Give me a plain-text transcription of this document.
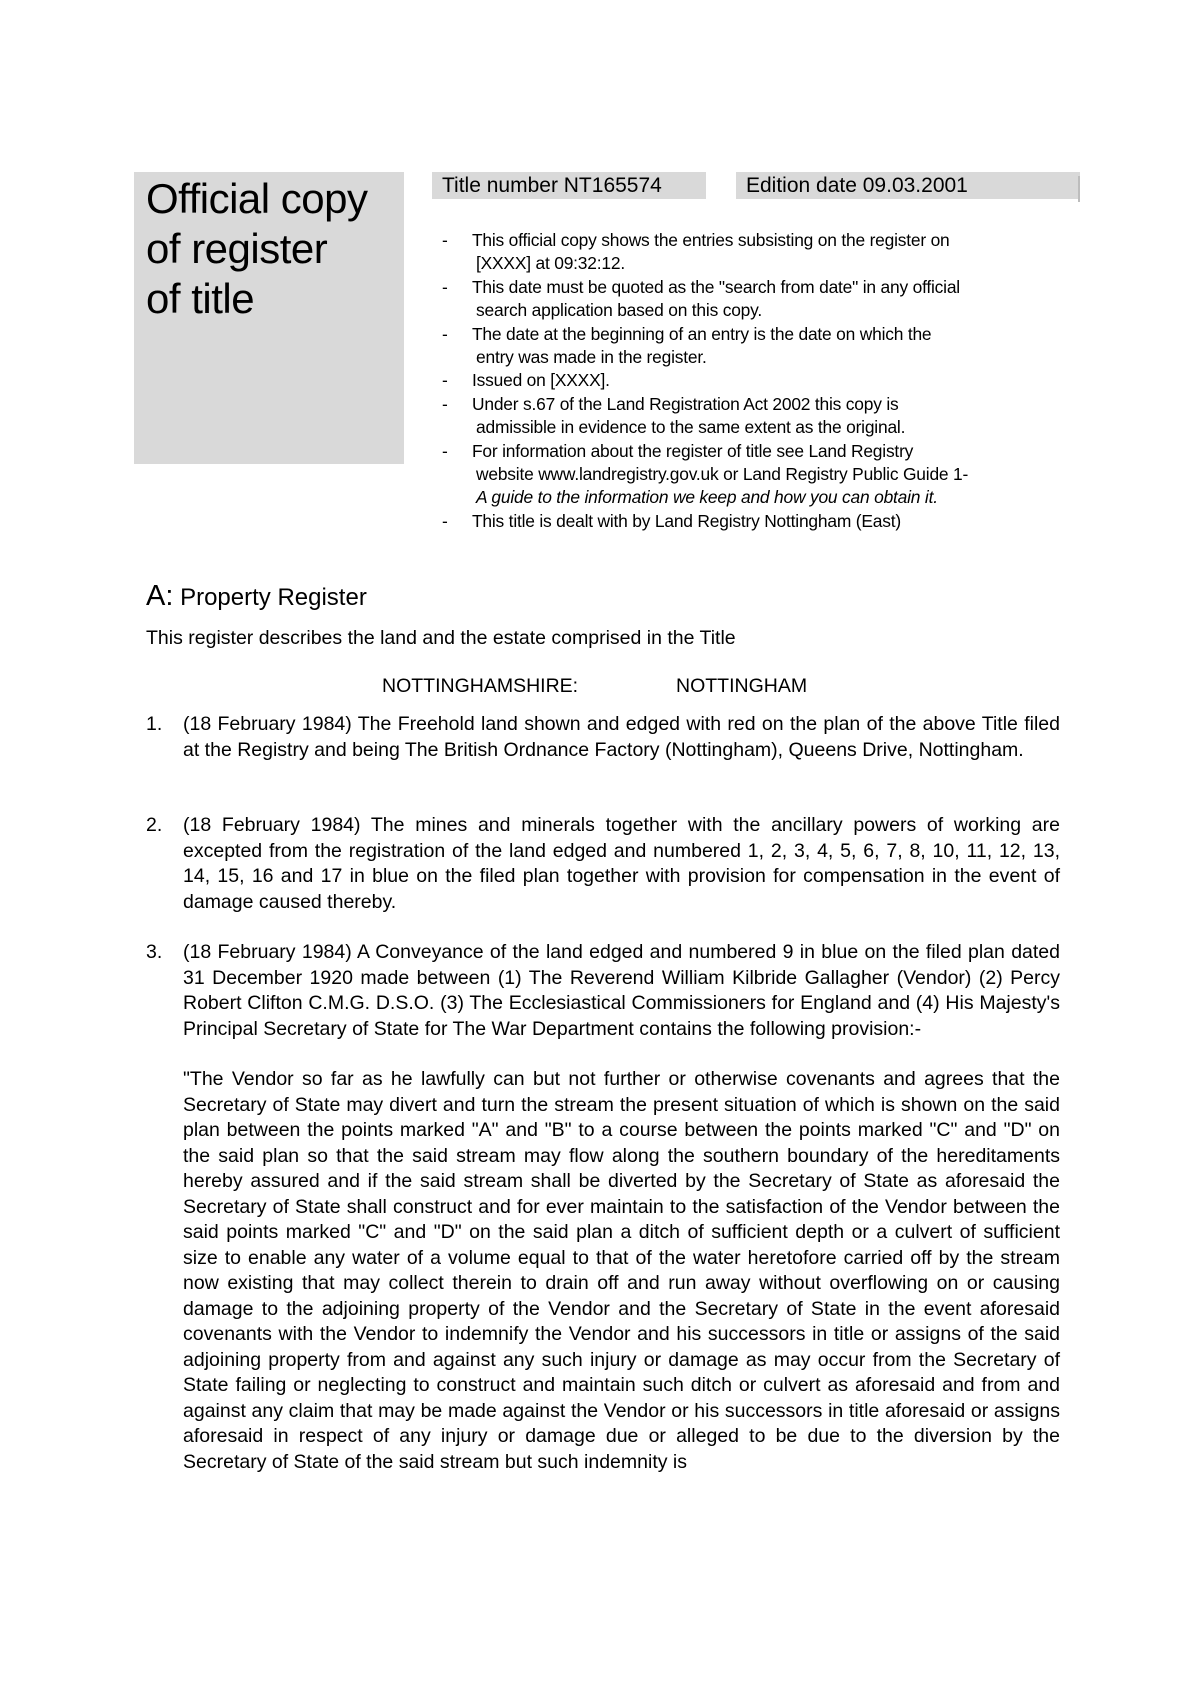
Official copy
of register
of title
Title number NT165574	Edition date 09.03.2001
- This official copy shows the entries subsisting on the register on
[XXXX] at 09:32:12.
- This date must be quoted as the "search from date" in any official
search application based on this copy.
- The date at the beginning of an entry is the date on which the
entry was made in the register.
- Issued on [XXXX].
- Under s.67 of the Land Registration Act 2002 this copy is
admissible in evidence to the same extent as the original.
- For information about the register of title see Land Registry
website www.landregistry.gov.uk or Land Registry Public Guide 1-
A guide to the information we keep and how you can obtain it.
- This title is dealt with by Land Registry Nottingham (East)
A: Property Register
This register describes the land and the estate comprised in the Title
NOTTINGHAMSHIRE:	NOTTINGHAM
1. (18 February 1984) The Freehold land shown and edged with red on the plan of the above Title filed at the Registry and being The British Ordnance Factory (Nottingham), Queens Drive, Nottingham.
2. (18 February 1984) The mines and minerals together with the ancillary powers of working are excepted from the registration of the land edged and numbered 1, 2, 3, 4, 5, 6, 7, 8, 10, 11, 12, 13, 14, 15, 16 and 17 in blue on the filed plan together with provision for compensation in the event of damage caused thereby.
3. (18 February 1984) A Conveyance of the land edged and numbered 9 in blue on the filed plan dated 31 December 1920 made between (1) The Reverend William Kilbride Gallagher (Vendor) (2) Percy Robert Clifton C.M.G. D.S.O. (3) The Ecclesiastical Commissioners for England and (4) His Majesty's Principal Secretary of State for The War Department contains the following provision:-
"The Vendor so far as he lawfully can but not further or otherwise covenants and agrees that the Secretary of State may divert and turn the stream the present situation of which is shown on the said plan between the points marked "A" and "B" to a course between the points marked "C" and "D" on the said plan so that the said stream may flow along the southern boundary of the hereditaments hereby assured and if the said stream shall be diverted by the Secretary of State as aforesaid the Secretary of State shall construct and for ever maintain to the satisfaction of the Vendor between the said points marked "C" and "D" on the said plan a ditch of sufficient depth or a culvert of sufficient size to enable any water of a volume equal to that of the water heretofore carried off by the stream now existing that may collect therein to drain off and run away without overflowing on or causing damage to the adjoining property of the Vendor and the Secretary of State in the event aforesaid covenants with the Vendor to indemnify the Vendor and his successors in title or assigns of the said adjoining property from and against any such injury or damage as may occur from the Secretary of State failing or neglecting to construct and maintain such ditch or culvert as aforesaid and from and against any claim that may be made against the Vendor or his successors in title aforesaid or assigns aforesaid in respect of any injury or damage due or alleged to be due to the diversion by the Secretary of State of the said stream but such indemnity is
